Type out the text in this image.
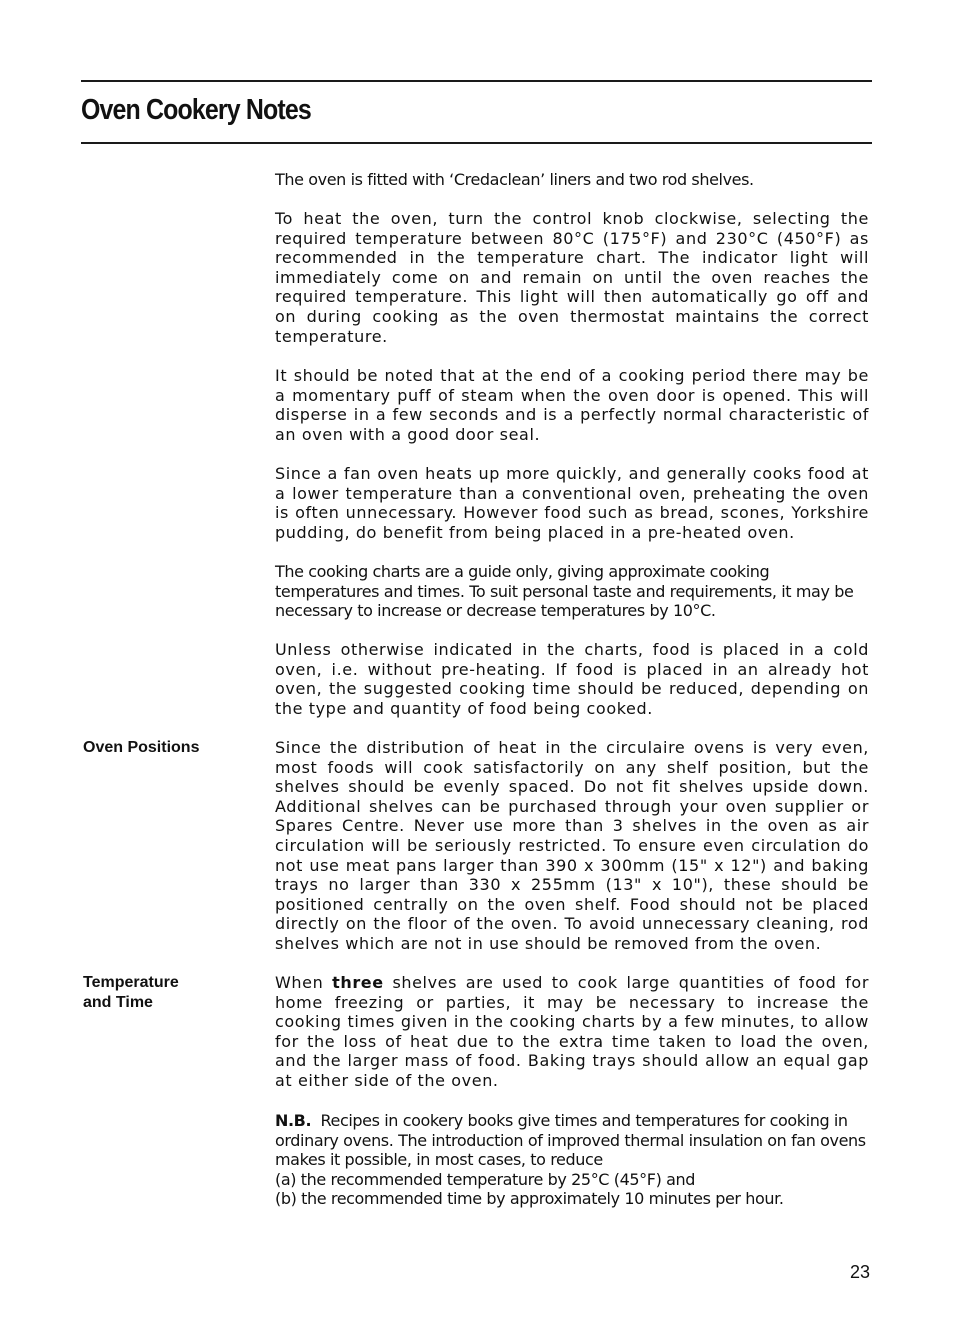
Oven Cookery Notes

The oven is fitted with ‘Credaclean’ liners and two rod shelves.

To heat the oven, turn the control knob clockwise, selecting the required temperature between 80°C (175°F) and 230°C (450°F) as recommended in the temperature chart. The indicator light will immediately come on and remain on until the oven reaches the required temperature. This light will then automatically go off and on during cooking as the oven thermostat maintains the correct temperature.

It should be noted that at the end of a cooking period there may be a momentary puff of steam when the oven door is opened. This will disperse in a few seconds and is a perfectly normal characteristic of an oven with a good door seal.

Since a fan oven heats up more quickly, and generally cooks food at a lower temperature than a conventional oven, preheating the oven is often unnecessary. However food such as bread, scones, Yorkshire pudding, do benefit from being placed in a pre-heated oven.

The cooking charts are a guide only, giving approximate cooking temperatures and times. To suit personal taste and requirements, it may be necessary to increase or decrease temperatures by 10°C.

Unless otherwise indicated in the charts, food is placed in a cold oven, i.e. without pre-heating. If food is placed in an already hot oven, the suggested cooking time should be reduced, depending on the type and quantity of food being cooked.

Oven Positions	Since the distribution of heat in the circulaire ovens is very even, most foods will cook satisfactorily on any shelf position, but the shelves should be evenly spaced. Do not fit shelves upside down. Additional shelves can be purchased through your oven supplier or Spares Centre. Never use more than 3 shelves in the oven as air circulation will be seriously restricted. To ensure even circulation do not use meat pans larger than 390 x 300mm (15" x 12") and baking trays no larger than 330 x 255mm (13" x 10"), these should be positioned centrally on the oven shelf. Food should not be placed directly on the floor of the oven. To avoid unnecessary cleaning, rod shelves which are not in use should be removed from the oven.

Temperature
and Time

When three shelves are used to cook large quantities of food for home freezing or parties, it may be necessary to increase the cooking times given in the cooking charts by a few minutes, to allow for the loss of heat due to the extra time taken to load the oven, and the larger mass of food. Baking trays should allow an equal gap at either side of the oven.

N.B. Recipes in cookery books give times and temperatures for cooking in ordinary ovens. The introduction of improved thermal insulation on fan ovens makes it possible, in most cases, to reduce

(a) the recommended temperature by 25°C (45°F) and

(b) the recommended time by approximately 10 minutes per hour.

23
